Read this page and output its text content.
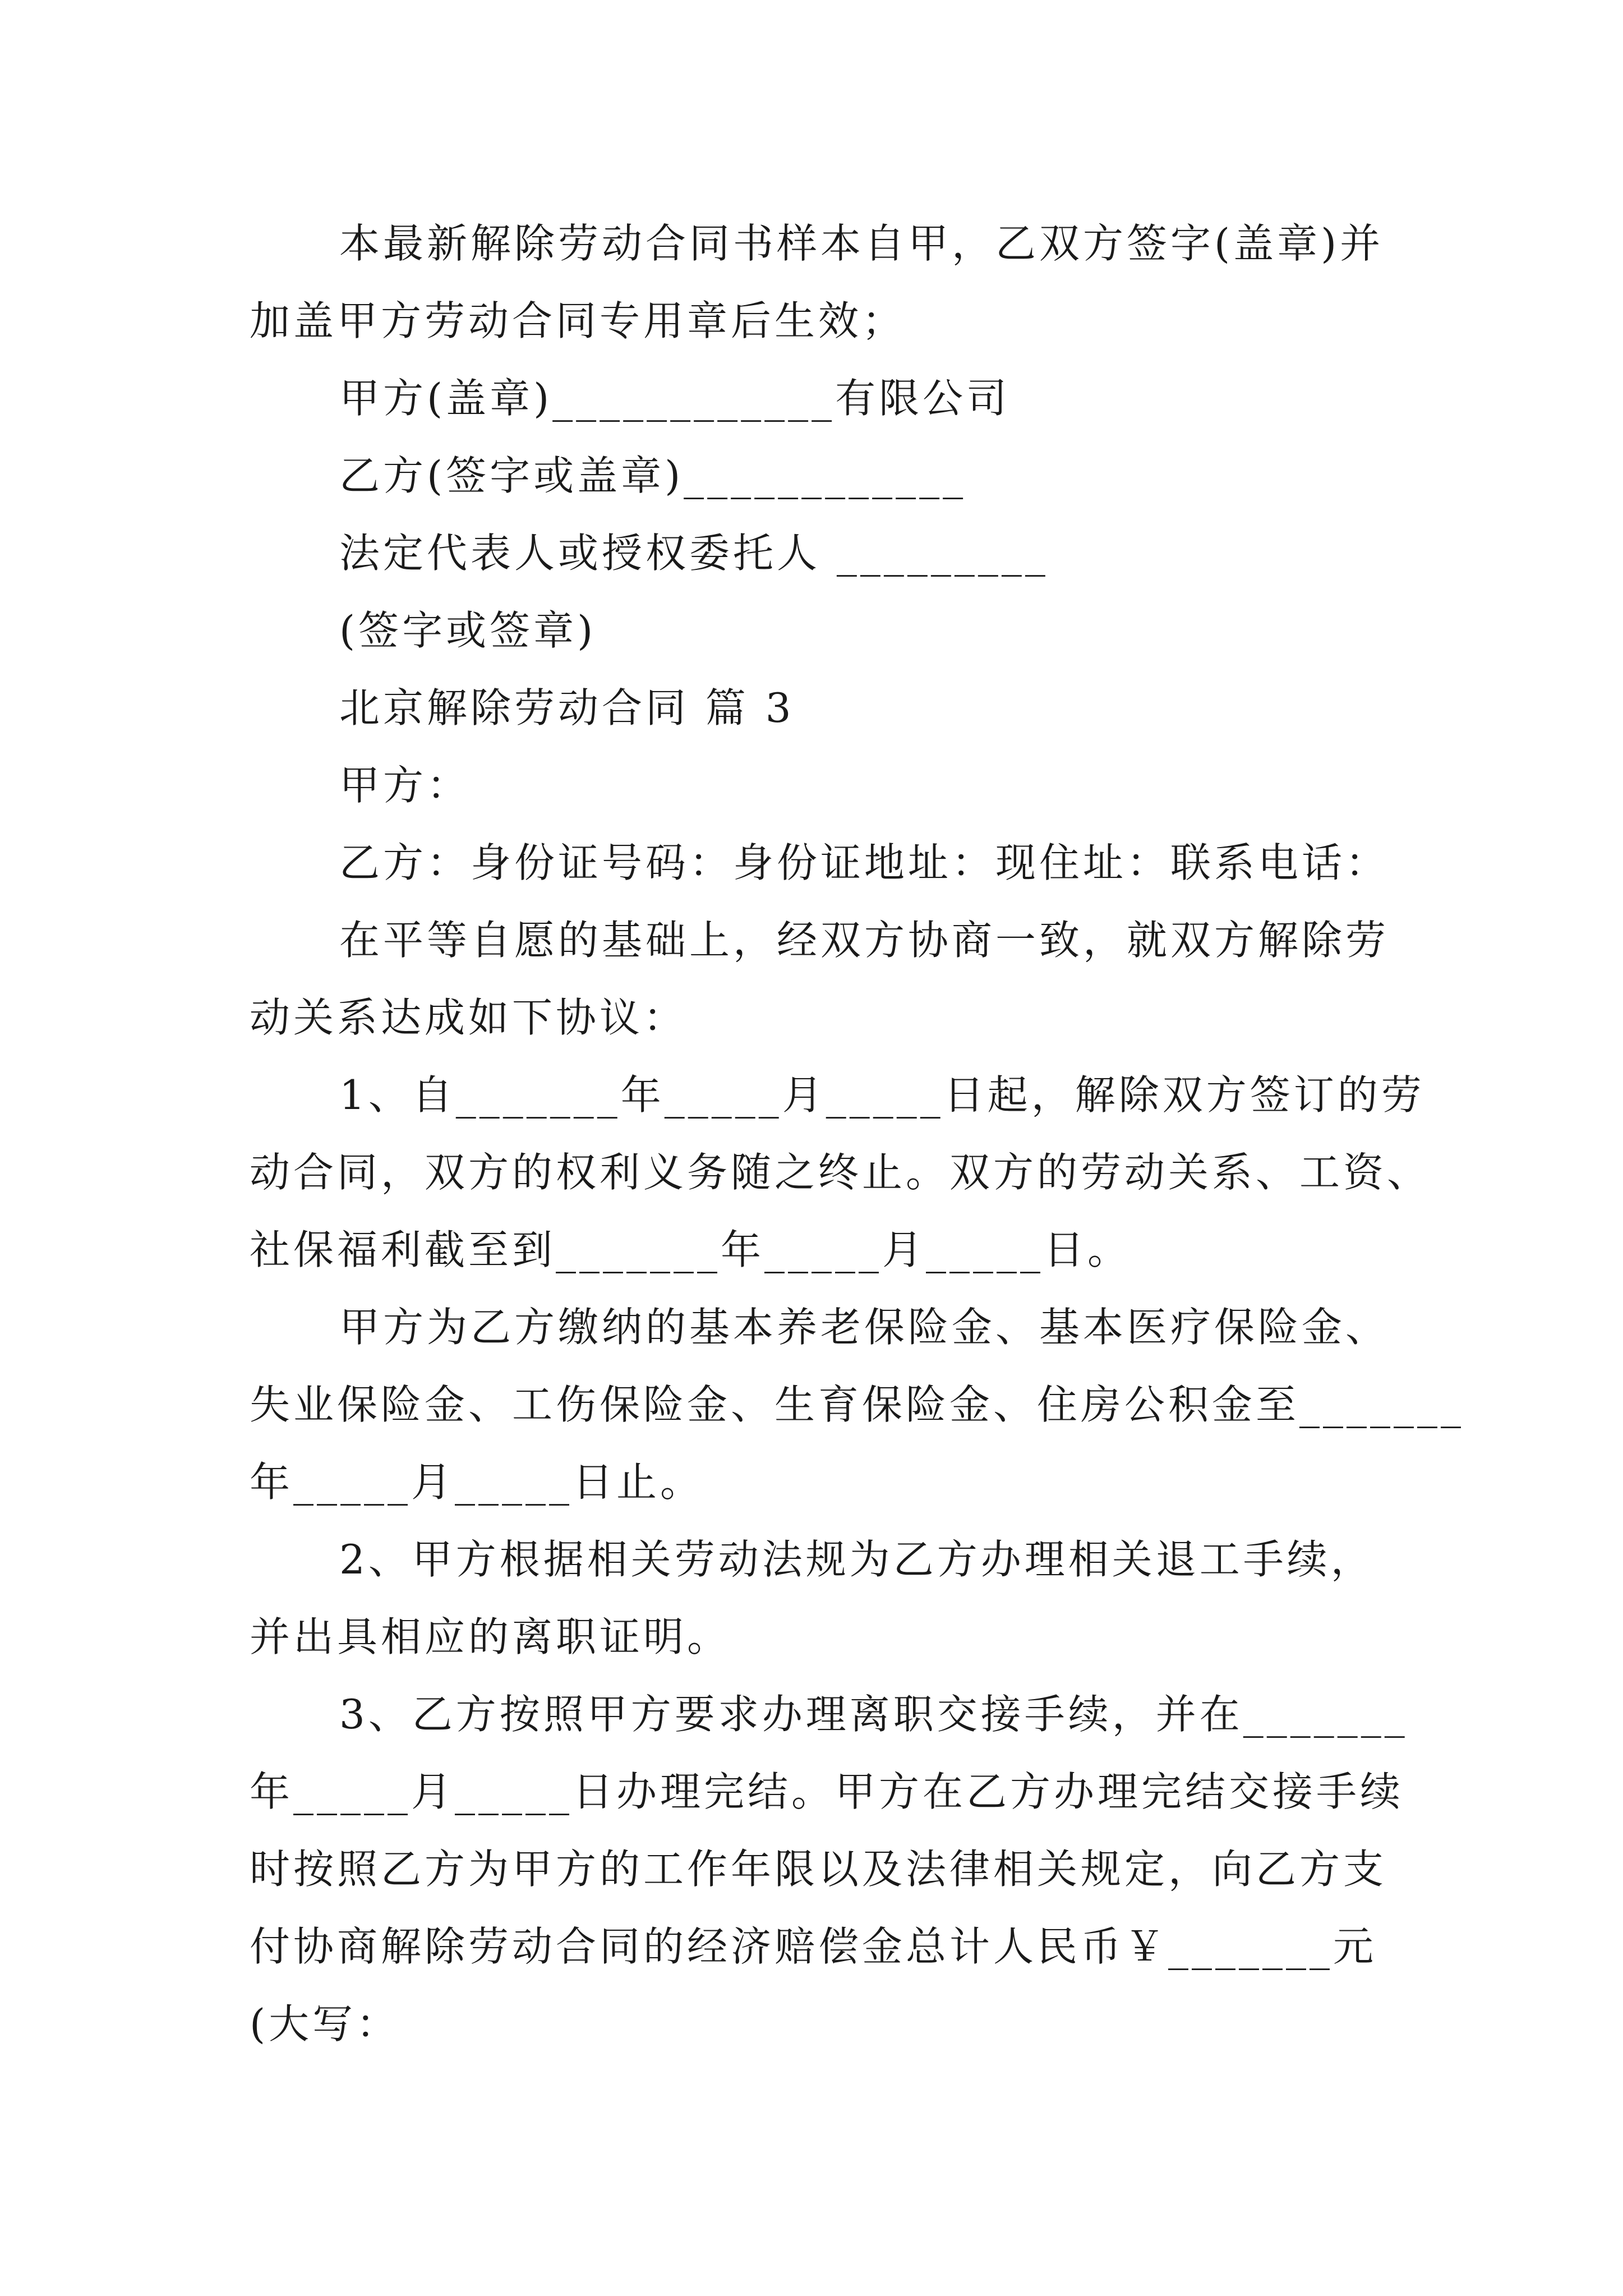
本最新解除劳动合同书样本自甲，乙双方签字(盖章)并
加盖甲方劳动合同专用章后生效；
甲方(盖章)____________有限公司
乙方(签字或盖章)____________
法定代表人或授权委托人 _________
(签字或签章)
北京解除劳动合同 篇 3
甲方：
乙方：身份证号码：身份证地址：现住址：联系电话：
在平等自愿的基础上，经双方协商一致，就双方解除劳
动关系达成如下协议：
1、自_______年_____月_____日起，解除双方签订的劳
动合同，双方的权利义务随之终止。双方的劳动关系、工资、
社保福利截至到_______年_____月_____日。
甲方为乙方缴纳的基本养老保险金、基本医疗保险金、
失业保险金、工伤保险金、生育保险金、住房公积金至_______
年_____月_____日止。
2、甲方根据相关劳动法规为乙方办理相关退工手续，
并出具相应的离职证明。
3、乙方按照甲方要求办理离职交接手续，并在_______
年_____月_____日办理完结。甲方在乙方办理完结交接手续
时按照乙方为甲方的工作年限以及法律相关规定，向乙方支
付协商解除劳动合同的经济赔偿金总计人民币￥_______元
(大写：
